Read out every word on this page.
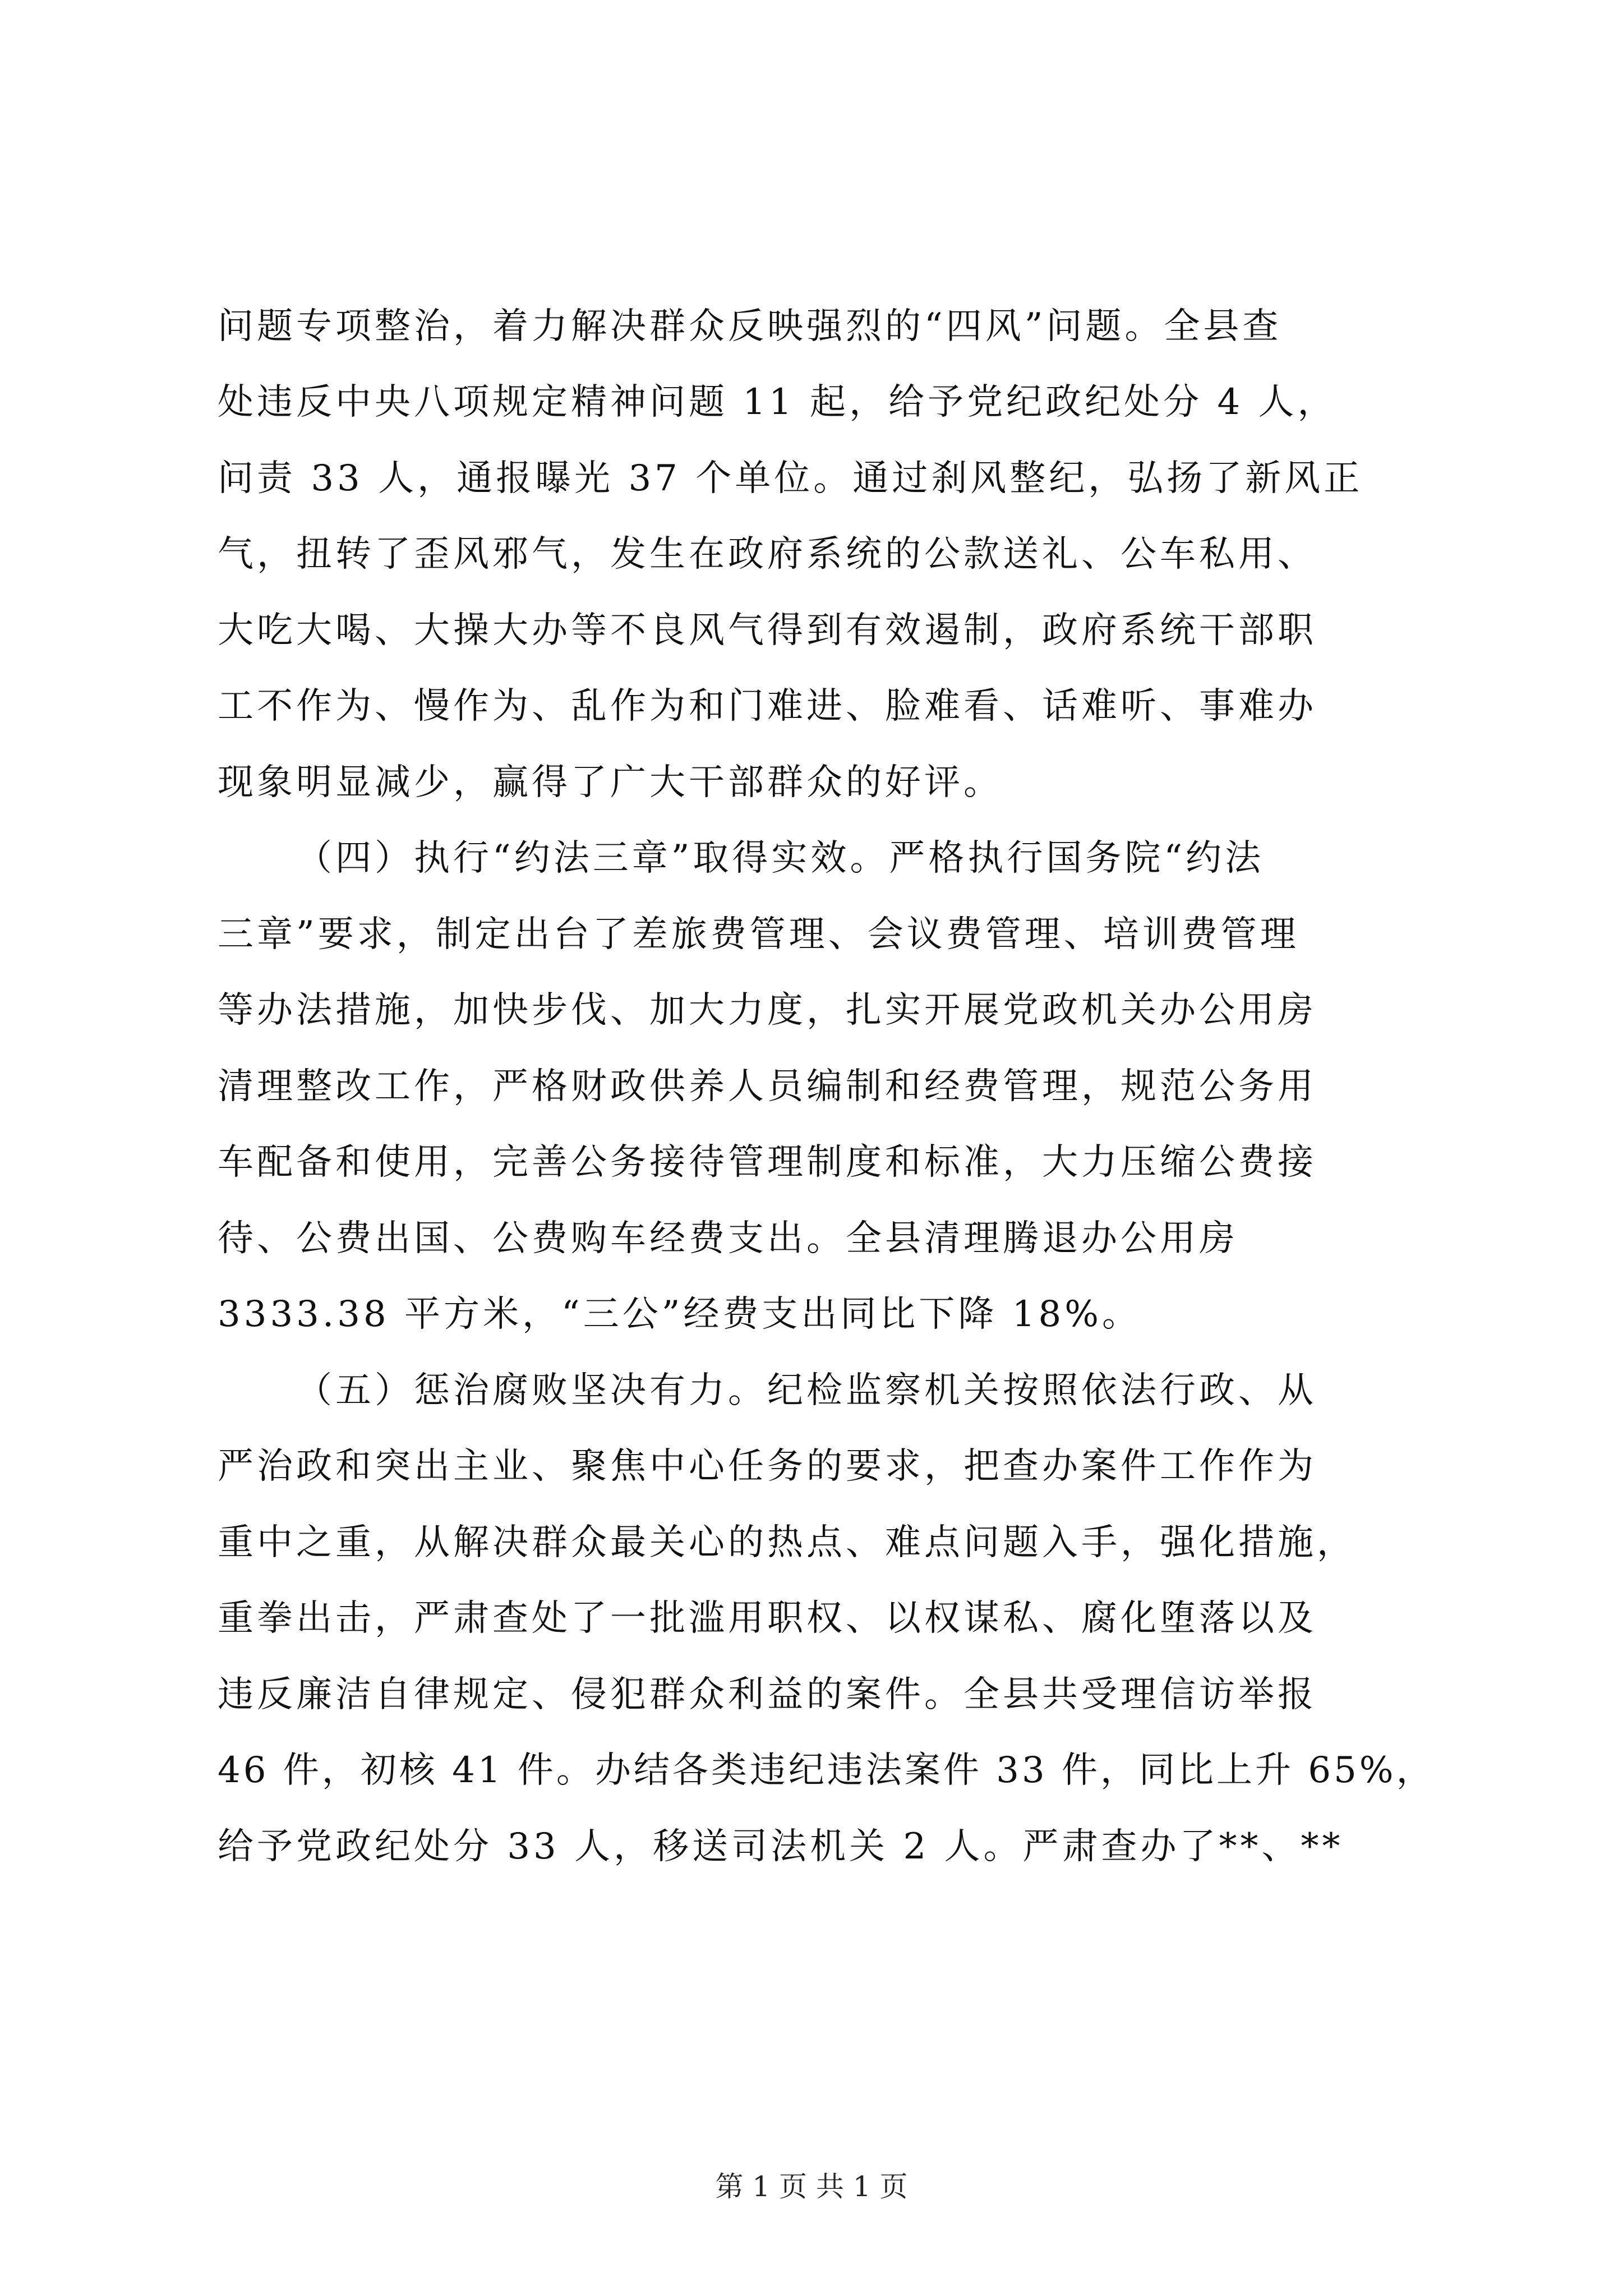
问题专项整治，着力解决群众反映强烈的“四风”问题。全县查
处违反中央八项规定精神问题 11 起，给予党纪政纪处分 4 人，
问责 33 人，通报曝光 37 个单位。通过刹风整纪，弘扬了新风正
气，扭转了歪风邪气，发生在政府系统的公款送礼、公车私用、
大吃大喝、大操大办等不良风气得到有效遏制，政府系统干部职
工不作为、慢作为、乱作为和门难进、脸难看、话难听、事难办
现象明显减少，赢得了广大干部群众的好评。
（四）执行“约法三章”取得实效。严格执行国务院“约法
三章”要求，制定出台了差旅费管理、会议费管理、培训费管理
等办法措施，加快步伐、加大力度，扎实开展党政机关办公用房
清理整改工作，严格财政供养人员编制和经费管理，规范公务用
车配备和使用，完善公务接待管理制度和标准，大力压缩公费接
待、公费出国、公费购车经费支出。全县清理腾退办公用房
3333.38 平方米，“三公”经费支出同比下降 18%。
（五）惩治腐败坚决有力。纪检监察机关按照依法行政、从
严治政和突出主业、聚焦中心任务的要求，把查办案件工作作为
重中之重，从解决群众最关心的热点、难点问题入手，强化措施，
重拳出击，严肃查处了一批滥用职权、以权谋私、腐化堕落以及
违反廉洁自律规定、侵犯群众利益的案件。全县共受理信访举报
46 件，初核 41 件。办结各类违纪违法案件 33 件，同比上升 65%，
给予党政纪处分 33 人，移送司法机关 2 人。严肃查办了**、**
第 1 页 共 1 页
